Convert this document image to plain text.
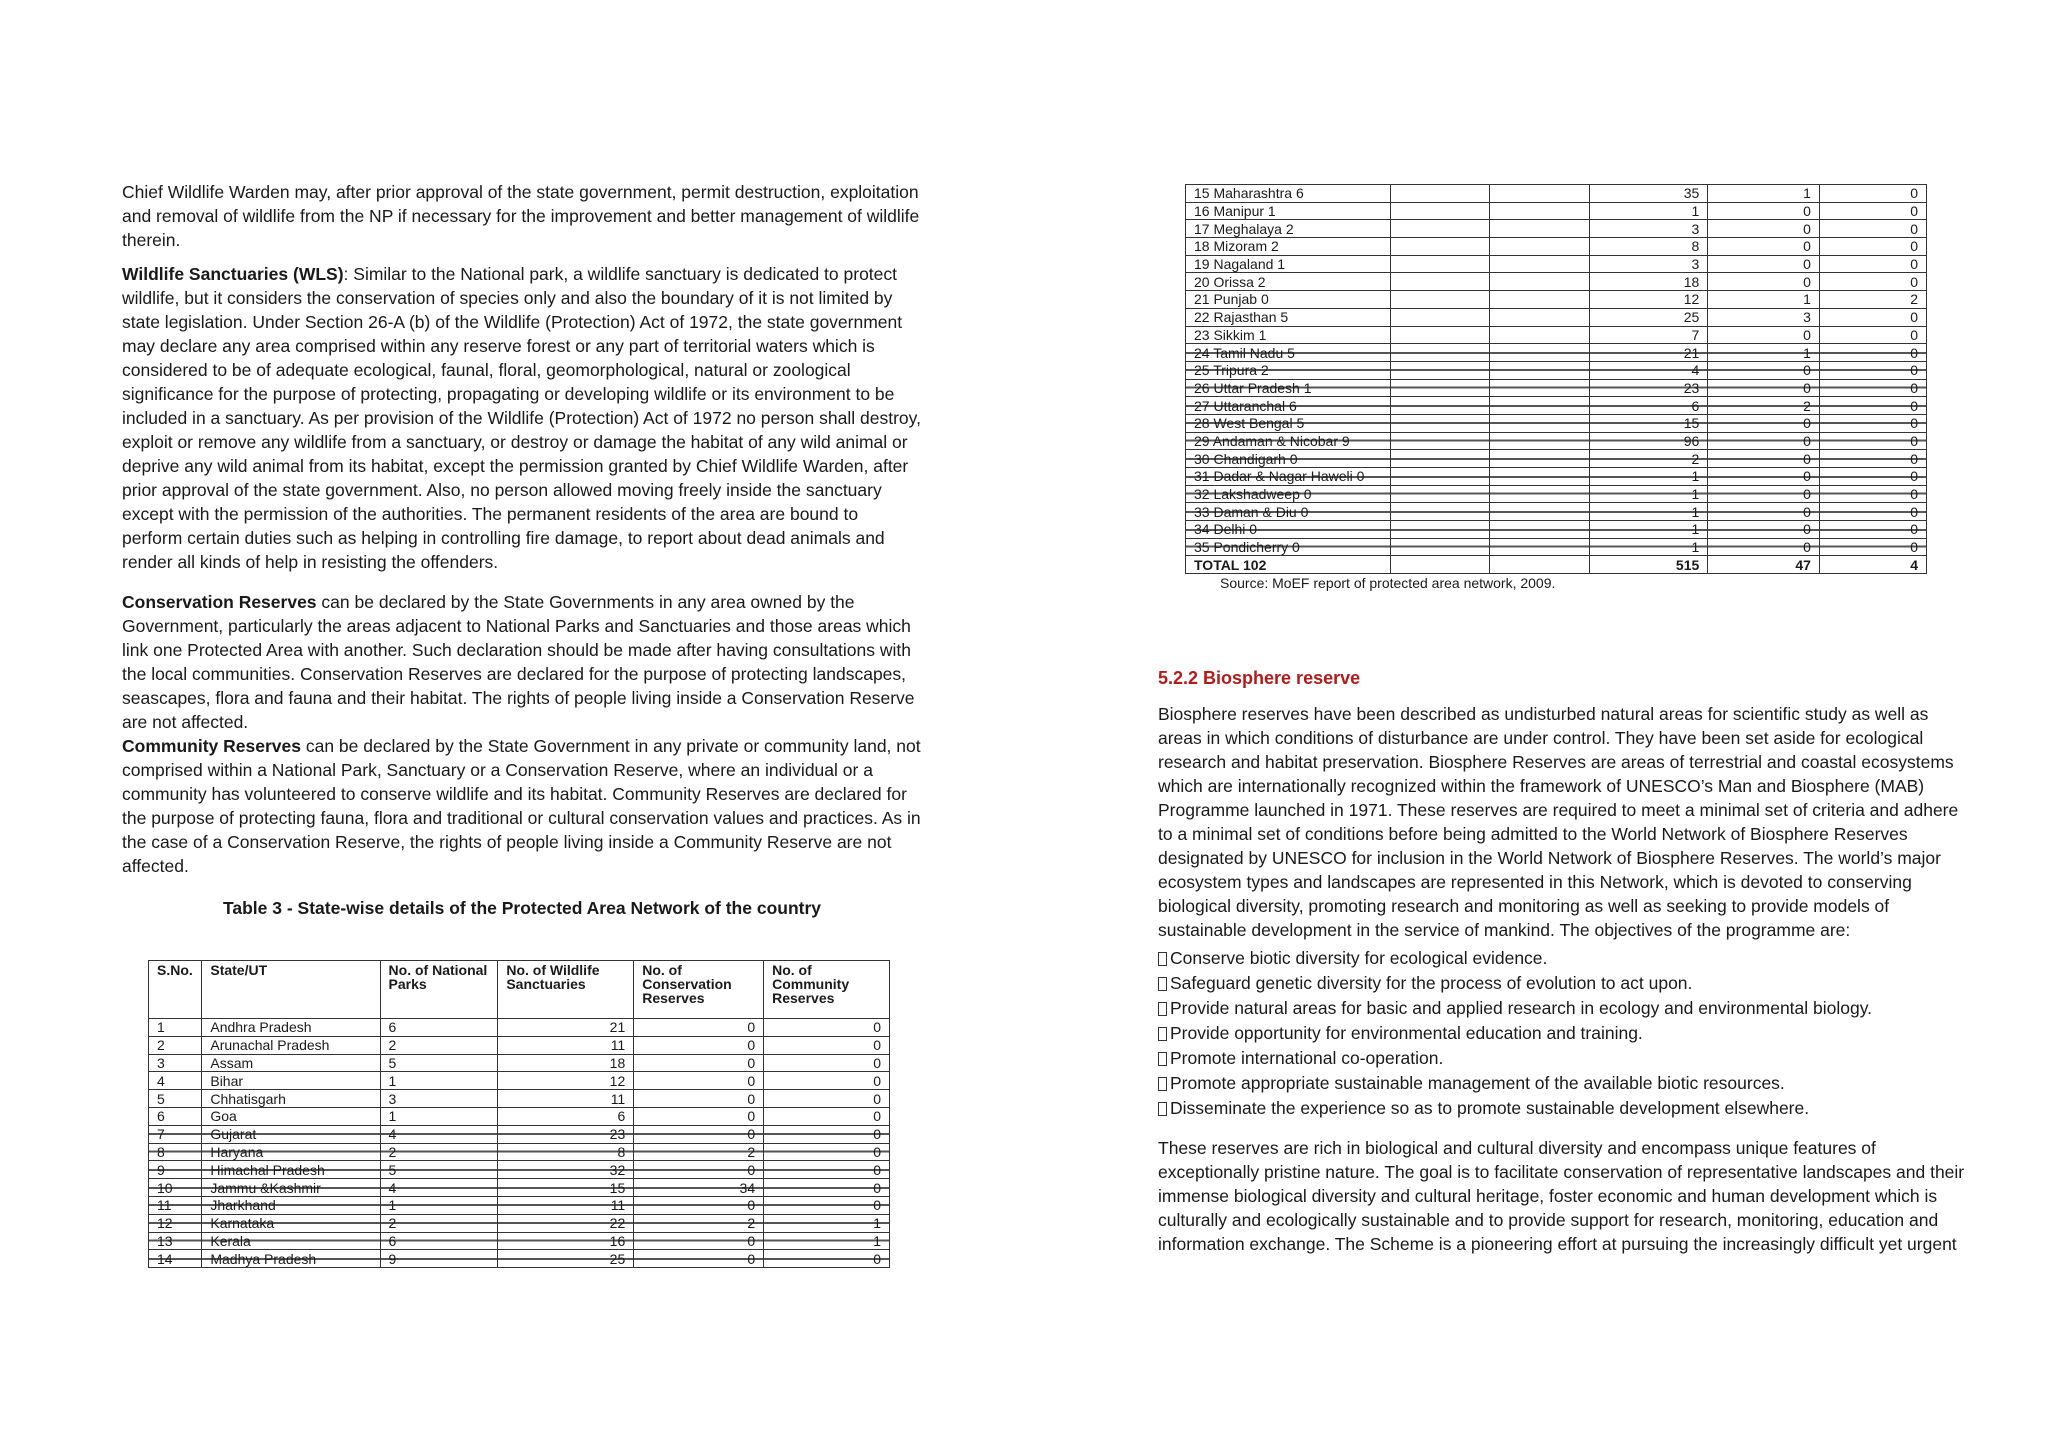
Chief Wildlife Warden may, after prior approval of the state government, permit destruction, exploitation and removal of wildlife from the NP if necessary for the improvement and better management of wildlife therein.

Wildlife Sanctuaries (WLS): Similar to the National park, a wildlife sanctuary is dedicated to protect wildlife, but it considers the conservation of species only and also the boundary of it is not limited by state legislation. Under Section 26-A (b) of the Wildlife (Protection) Act of 1972, the state government may declare any area comprised within any reserve forest or any part of territorial waters which is considered to be of adequate ecological, faunal, floral, geomorphological, natural or zoological significance for the purpose of protecting, propagating or developing wildlife or its environment to be included in a sanctuary. As per provision of the Wildlife (Protection) Act of 1972 no person shall destroy, exploit or remove any wildlife from a sanctuary, or destroy or damage the habitat of any wild animal or deprive any wild animal from its habitat, except the permission granted by Chief Wildlife Warden, after prior approval of the state government. Also, no person allowed moving freely inside the sanctuary except with the permission of the authorities. The permanent residents of the area are bound to perform certain duties such as helping in controlling fire damage, to report about dead animals and render all kinds of help in resisting the offenders.

Conservation Reserves can be declared by the State Governments in any area owned by the Government, particularly the areas adjacent to National Parks and Sanctuaries and those areas which link one Protected Area with another. Such declaration should be made after having consultations with the local communities. Conservation Reserves are declared for the purpose of protecting landscapes, seascapes, flora and fauna and their habitat. The rights of people living inside a Conservation Reserve are not affected.

Community Reserves can be declared by the State Government in any private or community land, not comprised within a National Park, Sanctuary or a Conservation Reserve, where an individual or a community has volunteered to conserve wildlife and its habitat. Community Reserves are declared for the purpose of protecting fauna, flora and traditional or cultural conservation values and practices. As in the case of a Conservation Reserve, the rights of people living inside a Community Reserve are not affected.

Table 3 - State-wise details of the Protected Area Network of the country

S.No.	State/UT	No. of National Parks	No. of Wildlife Sanctuaries	No. of Conservation Reserves	No. of Community Reserves
1	Andhra Pradesh	6	21	0	0
2	Arunachal Pradesh	2	11	0	0
3	Assam	5	18	0	0
4	Bihar	1	12	0	0
5	Chhatisgarh	3	11	0	0
6	Goa	1	6	0	0
7	Gujarat	4	23	0	0
8	Haryana	2	8	2	0
9	Himachal Pradesh	5	32	0	0
10	Jammu &Kashmir	4	15	34	0
11	Jharkhand	1	11	0	0
12	Karnataka	2	22	2	1
13	Kerala	6	16	0	1
14	Madhya Pradesh	9	25	0	0
15 Maharashtra 6			35	1	0
16 Manipur 1			1	0	0
17 Meghalaya 2			3	0	0
18 Mizoram 2			8	0	0
19 Nagaland 1			3	0	0
20 Orissa 2			18	0	0
21 Punjab 0			12	1	2
22 Rajasthan 5			25	3	0
23 Sikkim 1			7	0	0
24 Tamil Nadu 5			21	1	0
25 Tripura 2			4	0	0
26 Uttar Pradesh 1			23	0	0
27 Uttaranchal 6			6	2	0
28 West Bengal 5			15	0	0
29 Andaman & Nicobar 9			96	0	0
30 Chandigarh 0			2	0	0
31 Dadar & Nagar Haweli 0			1	0	0
32 Lakshadweep 0			1	0	0
33 Daman & Diu 0			1	0	0
34 Delhi 0			1	0	0
35 Pondicherry 0			1	0	0
TOTAL 102			515	47	4
Source: MoEF report of protected area network, 2009.
5.2.2 Biosphere reserve

Biosphere reserves have been described as undisturbed natural areas for scientific study as well as areas in which conditions of disturbance are under control. They have been set aside for ecological research and habitat preservation. Biosphere Reserves are areas of terrestrial and coastal ecosystems which are internationally recognized within the framework of UNESCO’s Man and Biosphere (MAB) Programme launched in 1971. These reserves are required to meet a minimal set of criteria and adhere to a minimal set of conditions before being admitted to the World Network of Biosphere Reserves designated by UNESCO for inclusion in the World Network of Biosphere Reserves. The world’s major ecosystem types and landscapes are represented in this Network, which is devoted to conserving biological diversity, promoting research and monitoring as well as seeking to provide models of sustainable development in the service of mankind. The objectives of the programme are:

Conserve biotic diversity for ecological evidence.
Safeguard genetic diversity for the process of evolution to act upon.
Provide natural areas for basic and applied research in ecology and environmental biology.
Provide opportunity for environmental education and training.
Promote international co-operation.
Promote appropriate sustainable management of the available biotic resources.
Disseminate the experience so as to promote sustainable development elsewhere.

These reserves are rich in biological and cultural diversity and encompass unique features of exceptionally pristine nature. The goal is to facilitate conservation of representative landscapes and their immense biological diversity and cultural heritage, foster economic and human development which is culturally and ecologically sustainable and to provide support for research, monitoring, education and information exchange. The Scheme is a pioneering effort at pursuing the increasingly difficult yet urgent
